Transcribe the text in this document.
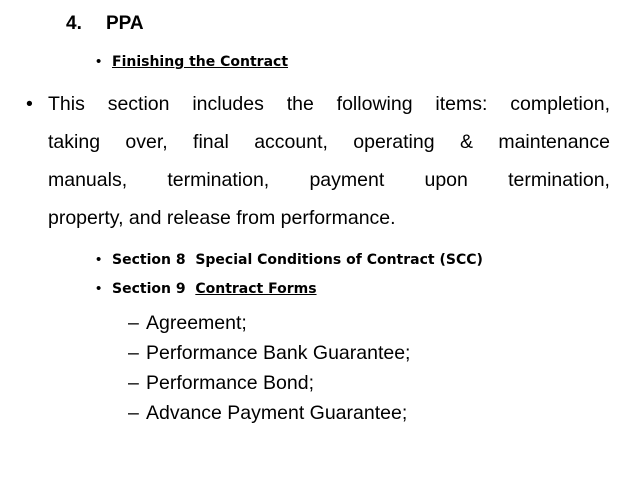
4. PPA
• Finishing the Contract
• This section includes the following items: completion,
taking over, final account, operating & maintenance
manuals, termination, payment upon termination,
property, and release from performance.
• Section 8  Special Conditions of Contract (SCC)
• Section 9  Contract Forms
– Agreement;
– Performance Bank Guarantee;
– Performance Bond;
– Advance Payment Guarantee;
